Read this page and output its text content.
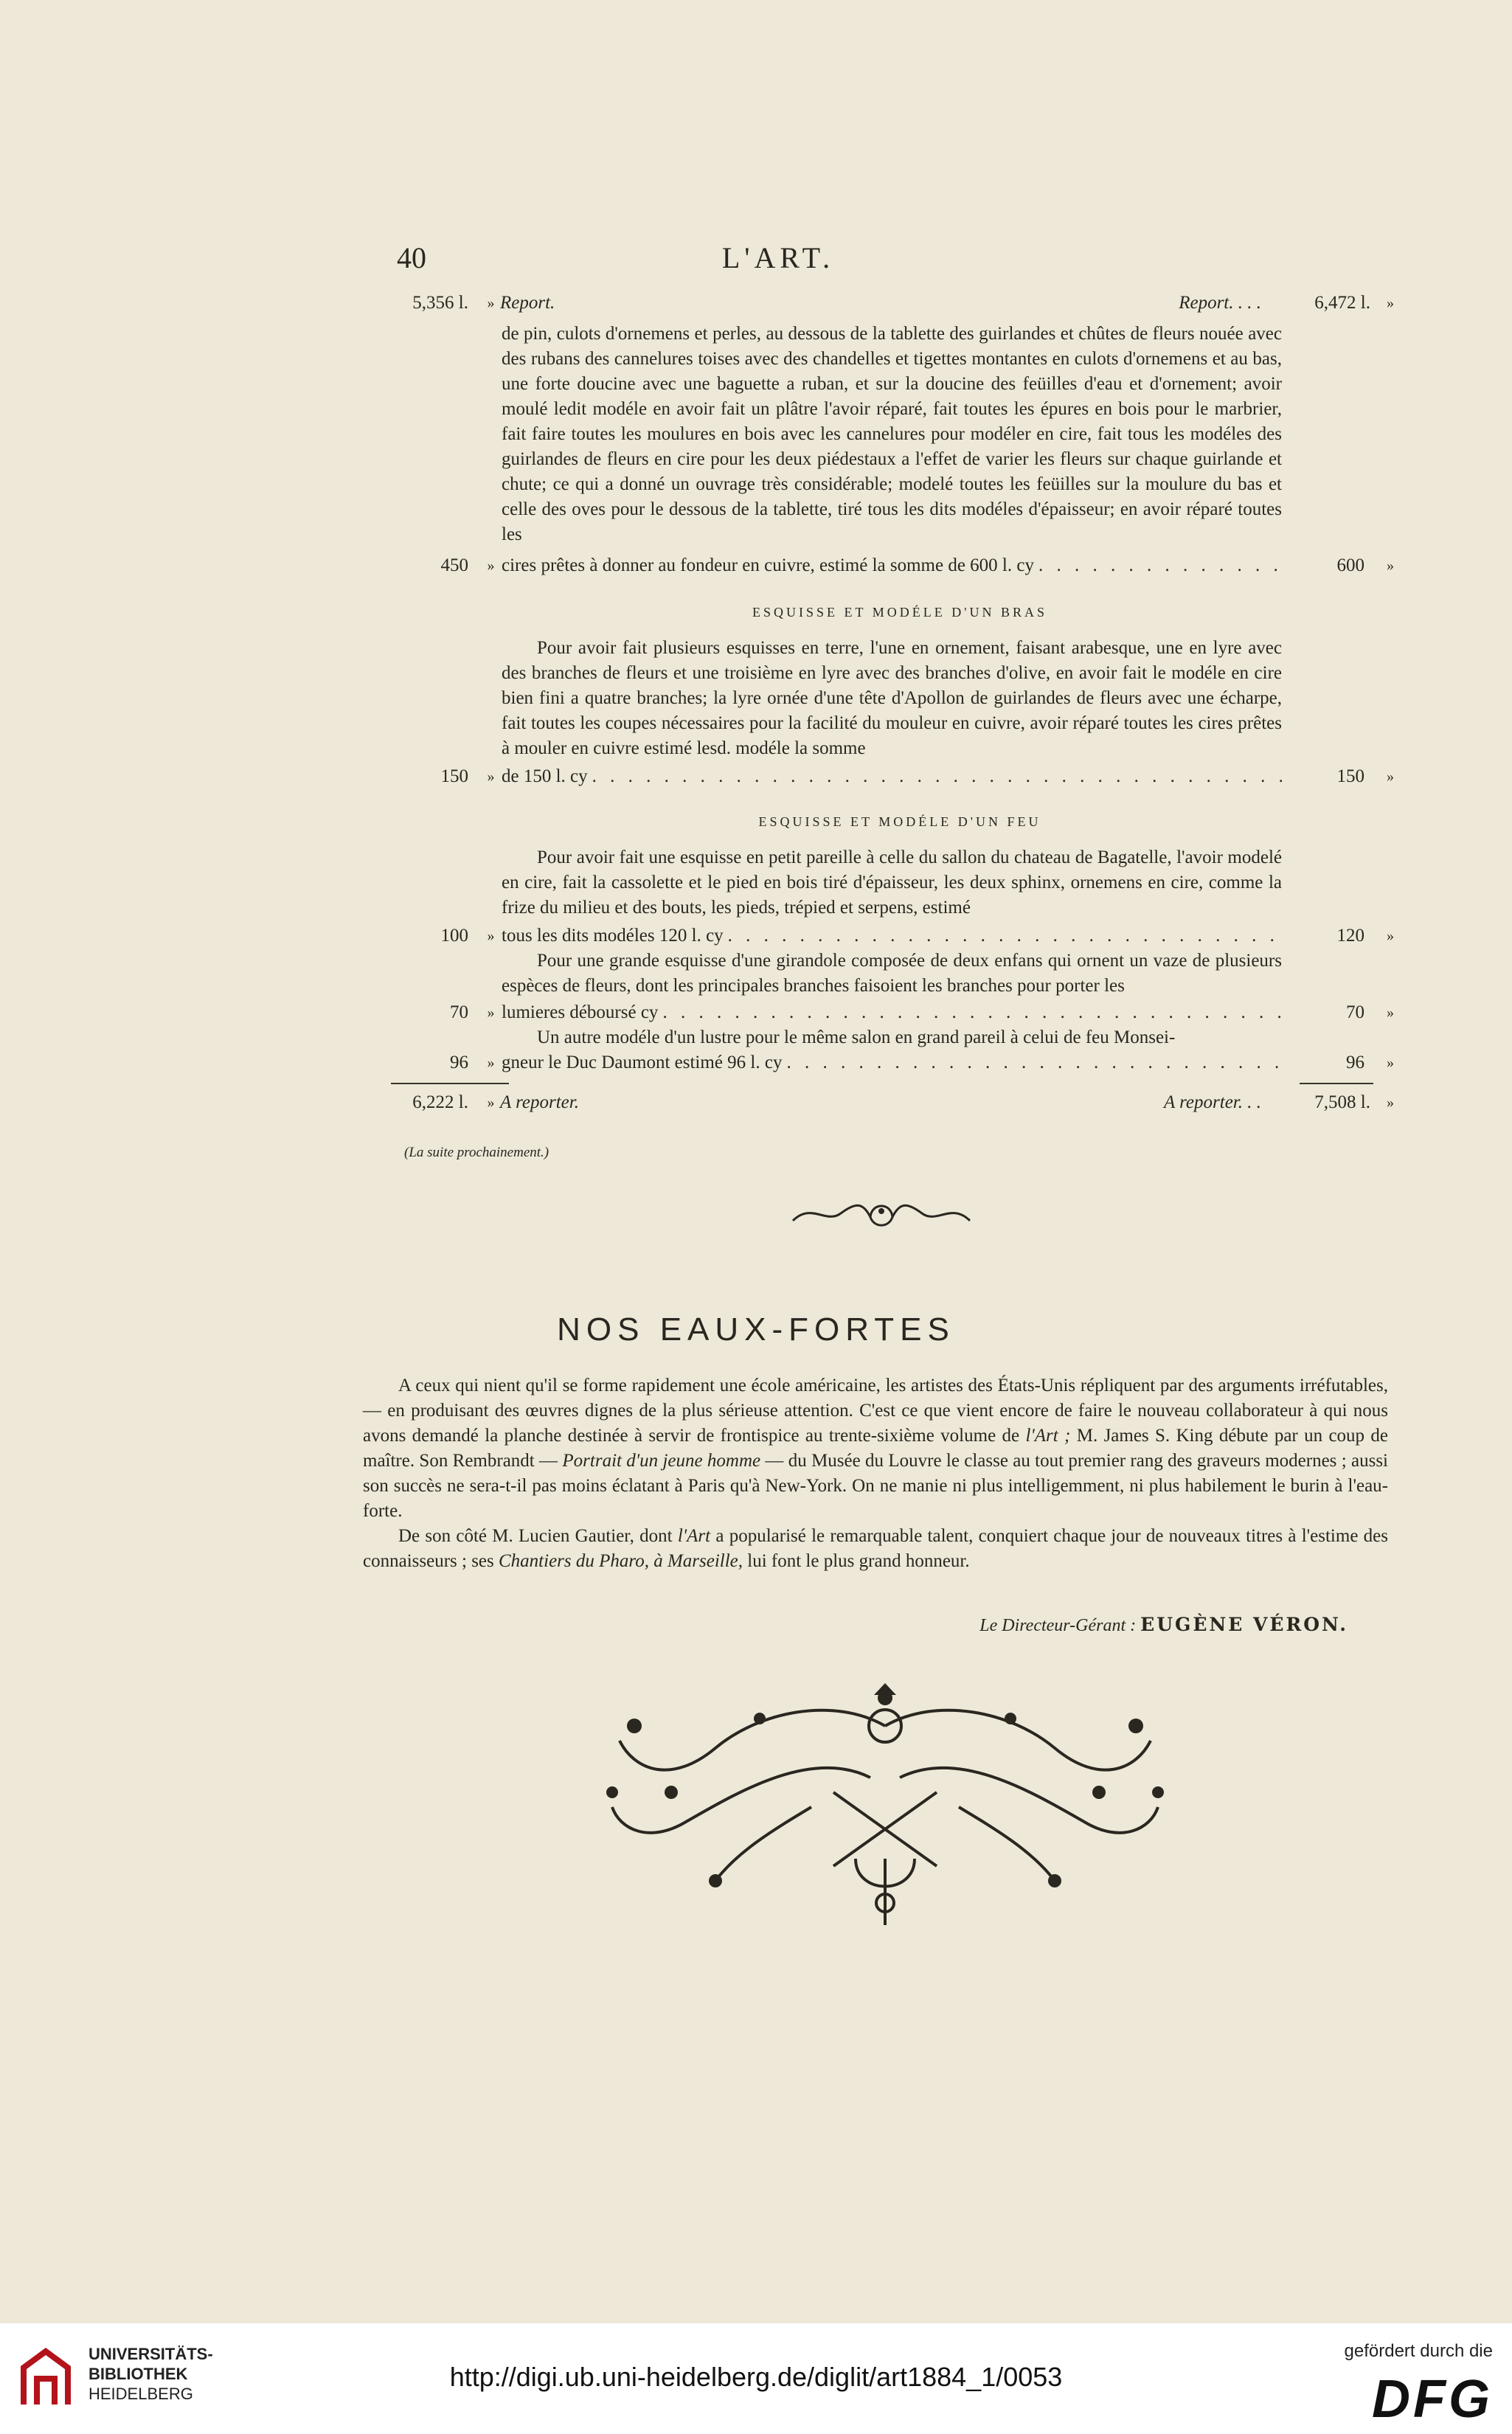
40	L'ART.
5,356 l.	» Report.	Report. . . .	6,472 l.	»

de pin, culots d'ornemens et perles, au dessous de la tablette des guirlandes et chûtes de fleurs nouée avec des rubans des cannelures toises avec des chandelles et tigettes montantes en culots d'ornemens et au bas, une forte doucine avec une baguette a ruban, et sur la doucine des feüilles d'eau et d'ornement; avoir moulé ledit modéle en avoir fait un plâtre l'avoir réparé, fait toutes les épures en bois pour le marbrier, fait faire toutes les moulures en bois avec les cannelures pour modéler en cire, fait tous les modéles des guirlandes de fleurs en cire pour les deux piédestaux a l'effet de varier les fleurs sur chaque guirlande et chute; ce qui a donné un ouvrage très considérable; modelé toutes les feüilles sur la moulure du bas et celle des oves pour le dessous de la tablette, tiré tous les dits modéles d'épaisseur; en avoir réparé toutes les

450	» cires prêtes à donner au fondeur en cuivre, estimé la somme de 600 l. cy . . .	600	»
ESQUISSE ET MODÉLE D'UN BRAS

Pour avoir fait plusieurs esquisses en terre, l'une en ornement, faisant arabesque, une en lyre avec des branches de fleurs et une troisième en lyre avec des branches d'olive, en avoir fait le modéle en cire bien fini a quatre branches; la lyre ornée d'une tête d'Apollon de guirlandes de fleurs avec une écharpe, fait toutes les coupes nécessaires pour la facilité du mouleur en cuivre, avoir réparé toutes les cires prêtes à mouler en cuivre estimé lesd. modéle la somme

150	» de 150 l. cy . . .	150	»
ESQUISSE ET MODÉLE D'UN FEU

Pour avoir fait une esquisse en petit pareille à celle du sallon du chateau de Bagatelle, l'avoir modelé en cire, fait la cassolette et le pied en bois tiré d'épaisseur, les deux sphinx, ornemens en cire, comme la frize du milieu et des bouts, les pieds, trépied et serpens, estimé

100	» tous les dits modéles 120 l. cy . . .	120	»

Pour une grande esquisse d'une girandole composée de deux enfans qui ornent un vaze de plusieurs espèces de fleurs, dont les principales branches faisoient les branches pour porter les

70	» lumieres déboursé cy . . .	70	»

Un autre modéle d'un lustre pour le même salon en grand pareil à celui de feu Monsei-

96	» gneur le Duc Daumont estimé 96 l. cy . . .	96	»
6,222 l.	» A reporter.	A reporter. . .	7,508 l.	»
(La suite prochainement.)
NOS EAUX-FORTES

A ceux qui nient qu'il se forme rapidement une école américaine, les artistes des États-Unis répliquent par des arguments irréfutables, — en produisant des œuvres dignes de la plus sérieuse attention. C'est ce que vient encore de faire le nouveau collaborateur à qui nous avons demandé la planche destinée à servir de frontispice au trente-sixième volume de l'Art ; M. James S. King débute par un coup de maître. Son Rembrandt — Portrait d'un jeune homme — du Musée du Louvre le classe au tout premier rang des graveurs modernes ; aussi son succès ne sera-t-il pas moins éclatant à Paris qu'à New-York. On ne manie ni plus intelligemment, ni plus habilement le burin à l'eau-forte.

De son côté M. Lucien Gautier, dont l'Art a popularisé le remarquable talent, conquiert chaque jour de nouveaux titres à l'estime des connaisseurs ; ses Chantiers du Pharo, à Marseille, lui font le plus grand honneur.

Le Directeur-Gérant : EUGÈNE VÉRON.
UNIVERSITÄTS-
BIBLIOTHEK
HEIDELBERG
http://digi.ub.uni-heidelberg.de/diglit/art1884_1/0053
gefördert durch die
DFG
